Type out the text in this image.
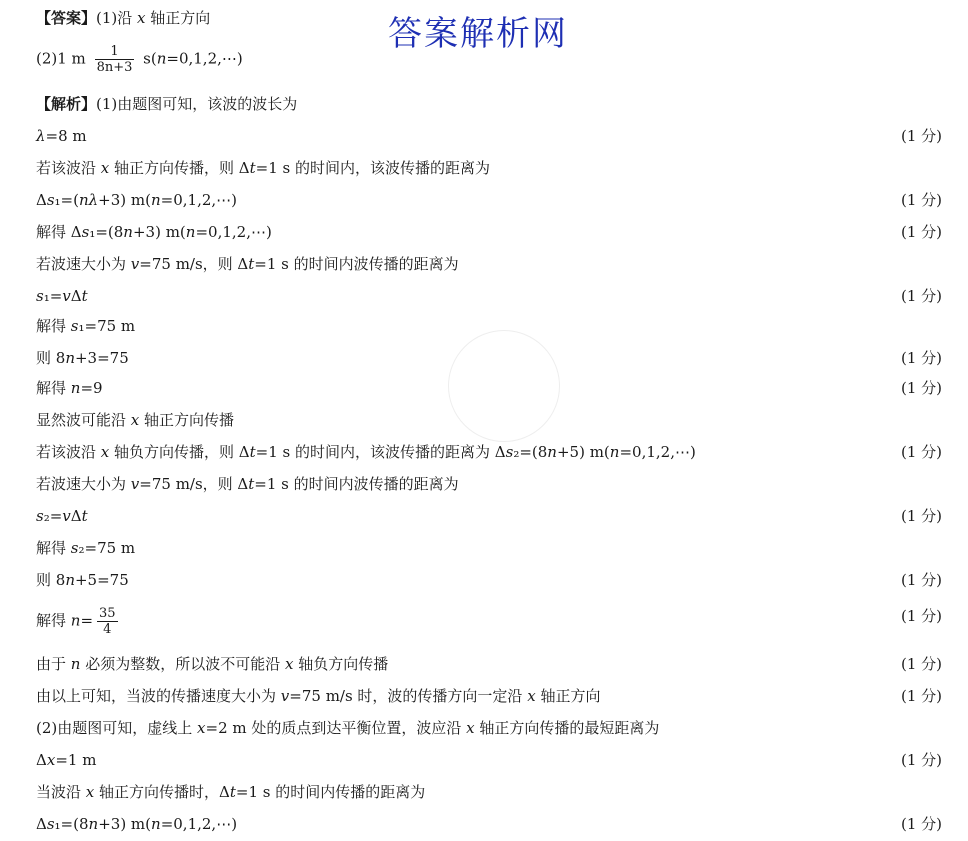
答案解析网
【答案】(1)沿 x 轴正方向
(2)1 m $\frac{1}{8n+3}$ s(n=0,1,2,⋯)
【解析】(1)由题图可知，该波的波长为
λ=8 m	(1 分)
若该波沿 x 轴正方向传播，则 Δt=1 s 的时间内，该波传播的距离为
Δs₁=(nλ+3) m(n=0,1,2,⋯)	(1 分)
解得 Δs₁=(8n+3) m(n=0,1,2,⋯)	(1 分)
若波速大小为 v=75 m/s，则 Δt=1 s 的时间内波传播的距离为
s₁=vΔt	(1 分)
解得 s₁=75 m
则 8n+3=75	(1 分)
解得 n=9	(1 分)
显然波可能沿 x 轴正方向传播
若该波沿 x 轴负方向传播，则 Δt=1 s 的时间内，该波传播的距离为 Δs₂=(8n+5) m(n=0,1,2,⋯)	(1 分)
若波速大小为 v=75 m/s，则 Δt=1 s 的时间内波传播的距离为
s₂=vΔt	(1 分)
解得 s₂=75 m
则 8n+5=75	(1 分)
解得 $n= \frac{35}{4}$	(1 分)
由于 n 必须为整数，所以波不可能沿 x 轴负方向传播	(1 分)
由以上可知，当波的传播速度大小为 v=75 m/s 时，波的传播方向一定沿 x 轴正方向	(1 分)
(2)由题图可知，虚线上 x=2 m 处的质点到达平衡位置，波应沿 x 轴正方向传播的最短距离为
Δx=1 m	(1 分)
当波沿 x 轴正方向传播时，Δt=1 s 的时间内传播的距离为
Δs₁=(8n+3) m(n=0,1,2,⋯)	(1 分)
